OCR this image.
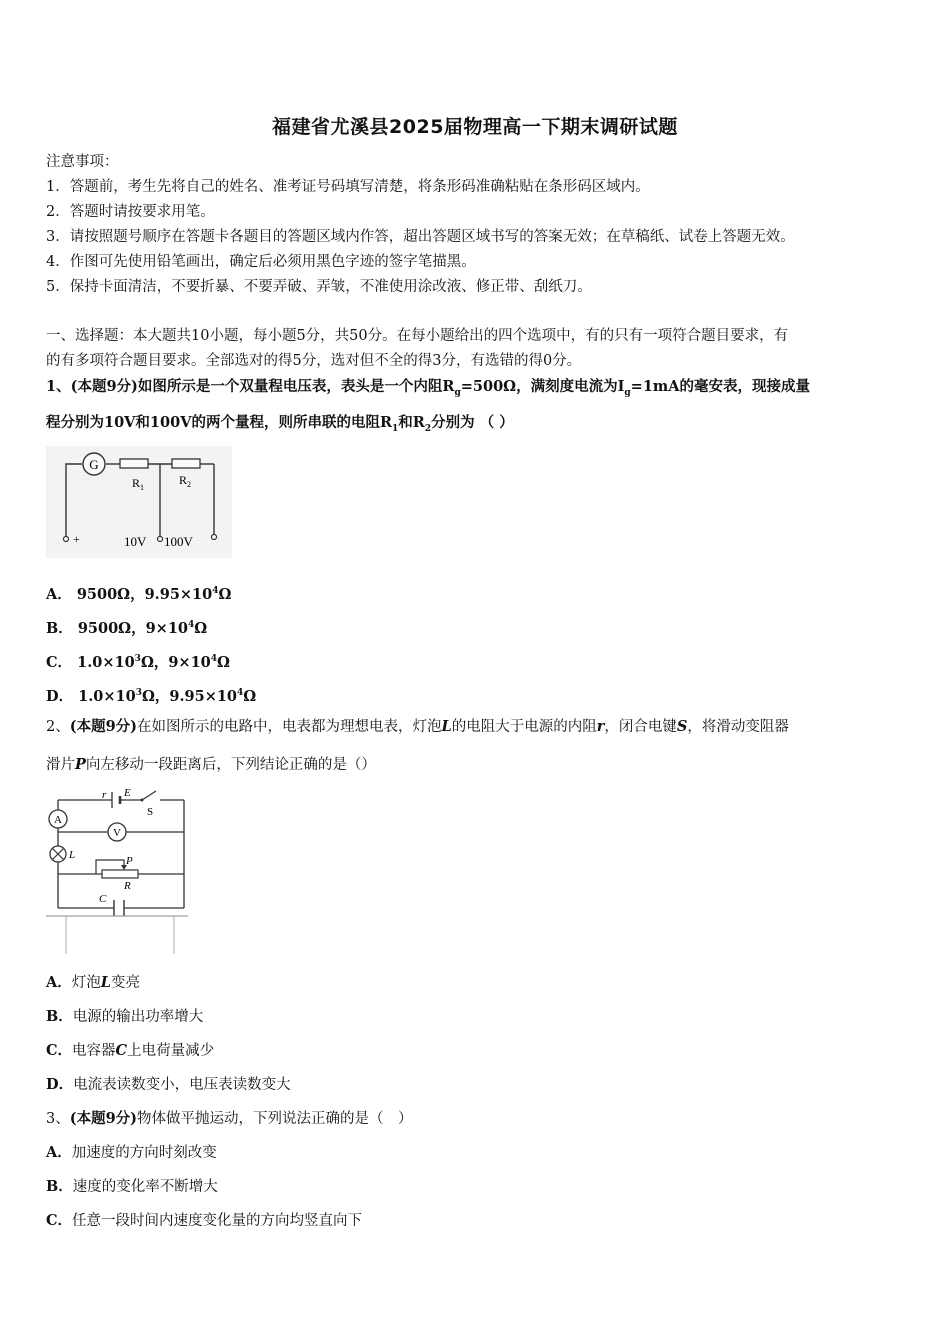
福建省尤溪县2025届物理高一下期末调研试题
注意事项：
1．答题前，考生先将自己的姓名、准考证号码填写清楚，将条形码准确粘贴在条形码区域内。
2．答题时请按要求用笔。
3．请按照题号顺序在答题卡各题目的答题区域内作答，超出答题区域书写的答案无效；在草稿纸、试卷上答题无效。
4．作图可先使用铅笔画出，确定后必须用黑色字迹的签字笔描黑。
5．保持卡面清洁，不要折暴、不要弄破、弄皱，不准使用涂改液、修正带、刮纸刀。
一、选择题：本大题共10小题，每小题5分，共50分。在每小题给出的四个选项中，有的只有一项符合题目要求，有
的有多项符合题目要求。全部选对的得5分，选对但不全的得3分，有选错的得0分。
1、(本题9分)如图所示是一个双量程电压表，表头是一个内阻$R_g=500\Omega$，满刻度电流为$I_g=1mA$的毫安表，现接成量
程分别为10V和100V的两个量程，则所串联的电阻$R_1$和$R_2$分别为 （ ）
G
$R_1$
$R_2$
+	10V 100V
A． 9500Ω，$9.95\times 10^4\Omega$
B． 9500Ω，$9\times 10^4\Omega$
C． $1.0\times 10^3\Omega$，$9\times 10^4\Omega$
D． $1.0\times 10^3\Omega$，$9.95\times 10^4\Omega$
2、(本题9分)在如图所示的电路中，电表都为理想电表，灯泡L的电阻大于电源的内阻r，闭合电键S，将滑动变阻器
滑片P向左移动一段距离后，下列结论正确的是（）
r E
S
A
V
L	P
R
C
A．灯泡L变亮
B．电源的输出功率增大
C．电容器C上电荷量减少
D．电流表读数变小，电压表读数变大
3、(本题9分)物体做平抛运动，下列说法正确的是（　）
A．加速度的方向时刻改变
B．速度的变化率不断增大
C．任意一段时间内速度变化量的方向均竖直向下
